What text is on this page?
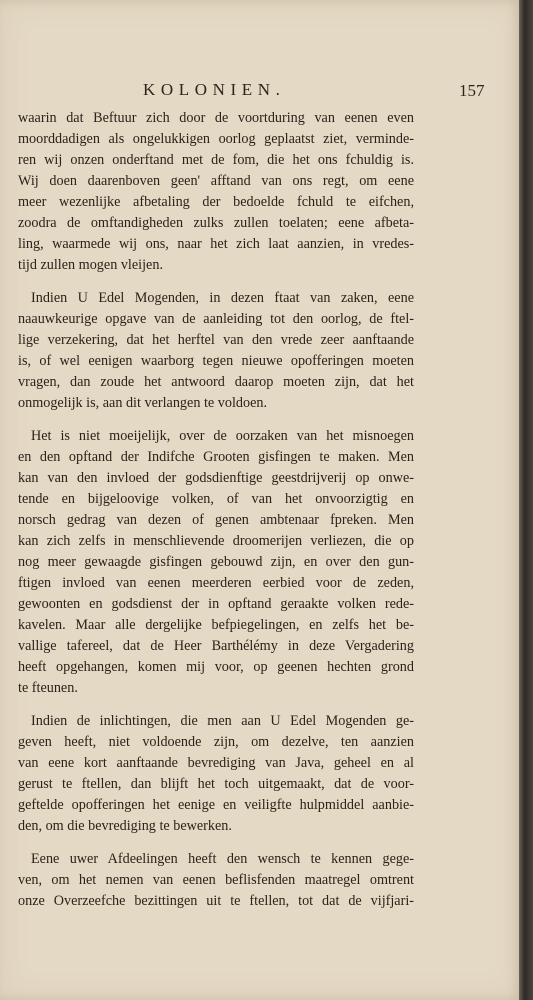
KOLONIEN.	157
waarin dat Beftuur zich door de voortduring van eenen even
moorddadigen als ongelukkigen oorlog geplaatst ziet, verminde-
ren wij onzen onderftand met de fom, die het ons fchuldig is.
Wij doen daarenboven geen' afftand van ons regt, om eene
meer wezenlijke afbetaling der bedoelde fchuld te eifchen,
zoodra de omftandigheden zulks zullen toelaten; eene afbeta-
ling, waarmede wij ons, naar het zich laat aanzien, in vredes-
tijd zullen mogen vleijen.
Indien U Edel Mogenden, in dezen ftaat van zaken, eene
naauwkeurige opgave van de aanleiding tot den oorlog, de ftel-
lige verzekering, dat het herftel van den vrede zeer aanftaande
is, of wel eenigen waarborg tegen nieuwe opofferingen moeten
vragen, dan zoude het antwoord daarop moeten zijn, dat het
onmogelijk is, aan dit verlangen te voldoen.
Het is niet moeijelijk, over de oorzaken van het misnoegen
en den opftand der Indifche Grooten gisfingen te maken. Men
kan van den invloed der godsdienftige geestdrijverij op onwe-
tende en bijgeloovige volken, of van het onvoorzigtig en
norsch gedrag van dezen of genen ambtenaar fpreken. Men
kan zich zelfs in menschlievende droomerijen verliezen, die op
nog meer gewaagde gisfingen gebouwd zijn, en over den gun-
ftigen invloed van eenen meerderen eerbied voor de zeden,
gewoonten en godsdienst der in opftand geraakte volken rede-
kavelen. Maar alle dergelijke befpiegelingen, en zelfs het be-
vallige tafereel, dat de Heer Barthélémy in deze Vergadering
heeft opgehangen, komen mij voor, op geenen hechten grond
te fteunen.
Indien de inlichtingen, die men aan U Edel Mogenden ge-
geven heeft, niet voldoende zijn, om dezelve, ten aanzien
van eene kort aanftaande bevrediging van Java, geheel en al
gerust te ftellen, dan blijft het toch uitgemaakt, dat de voor-
geftelde opofferingen het eenige en veiligfte hulpmiddel aanbie-
den, om die bevrediging te bewerken.
Eene uwer Afdeelingen heeft den wensch te kennen gege-
ven, om het nemen van eenen beflisfenden maatregel omtrent
onze Overzeefche bezittingen uit te ftellen, tot dat de vijfjari-
